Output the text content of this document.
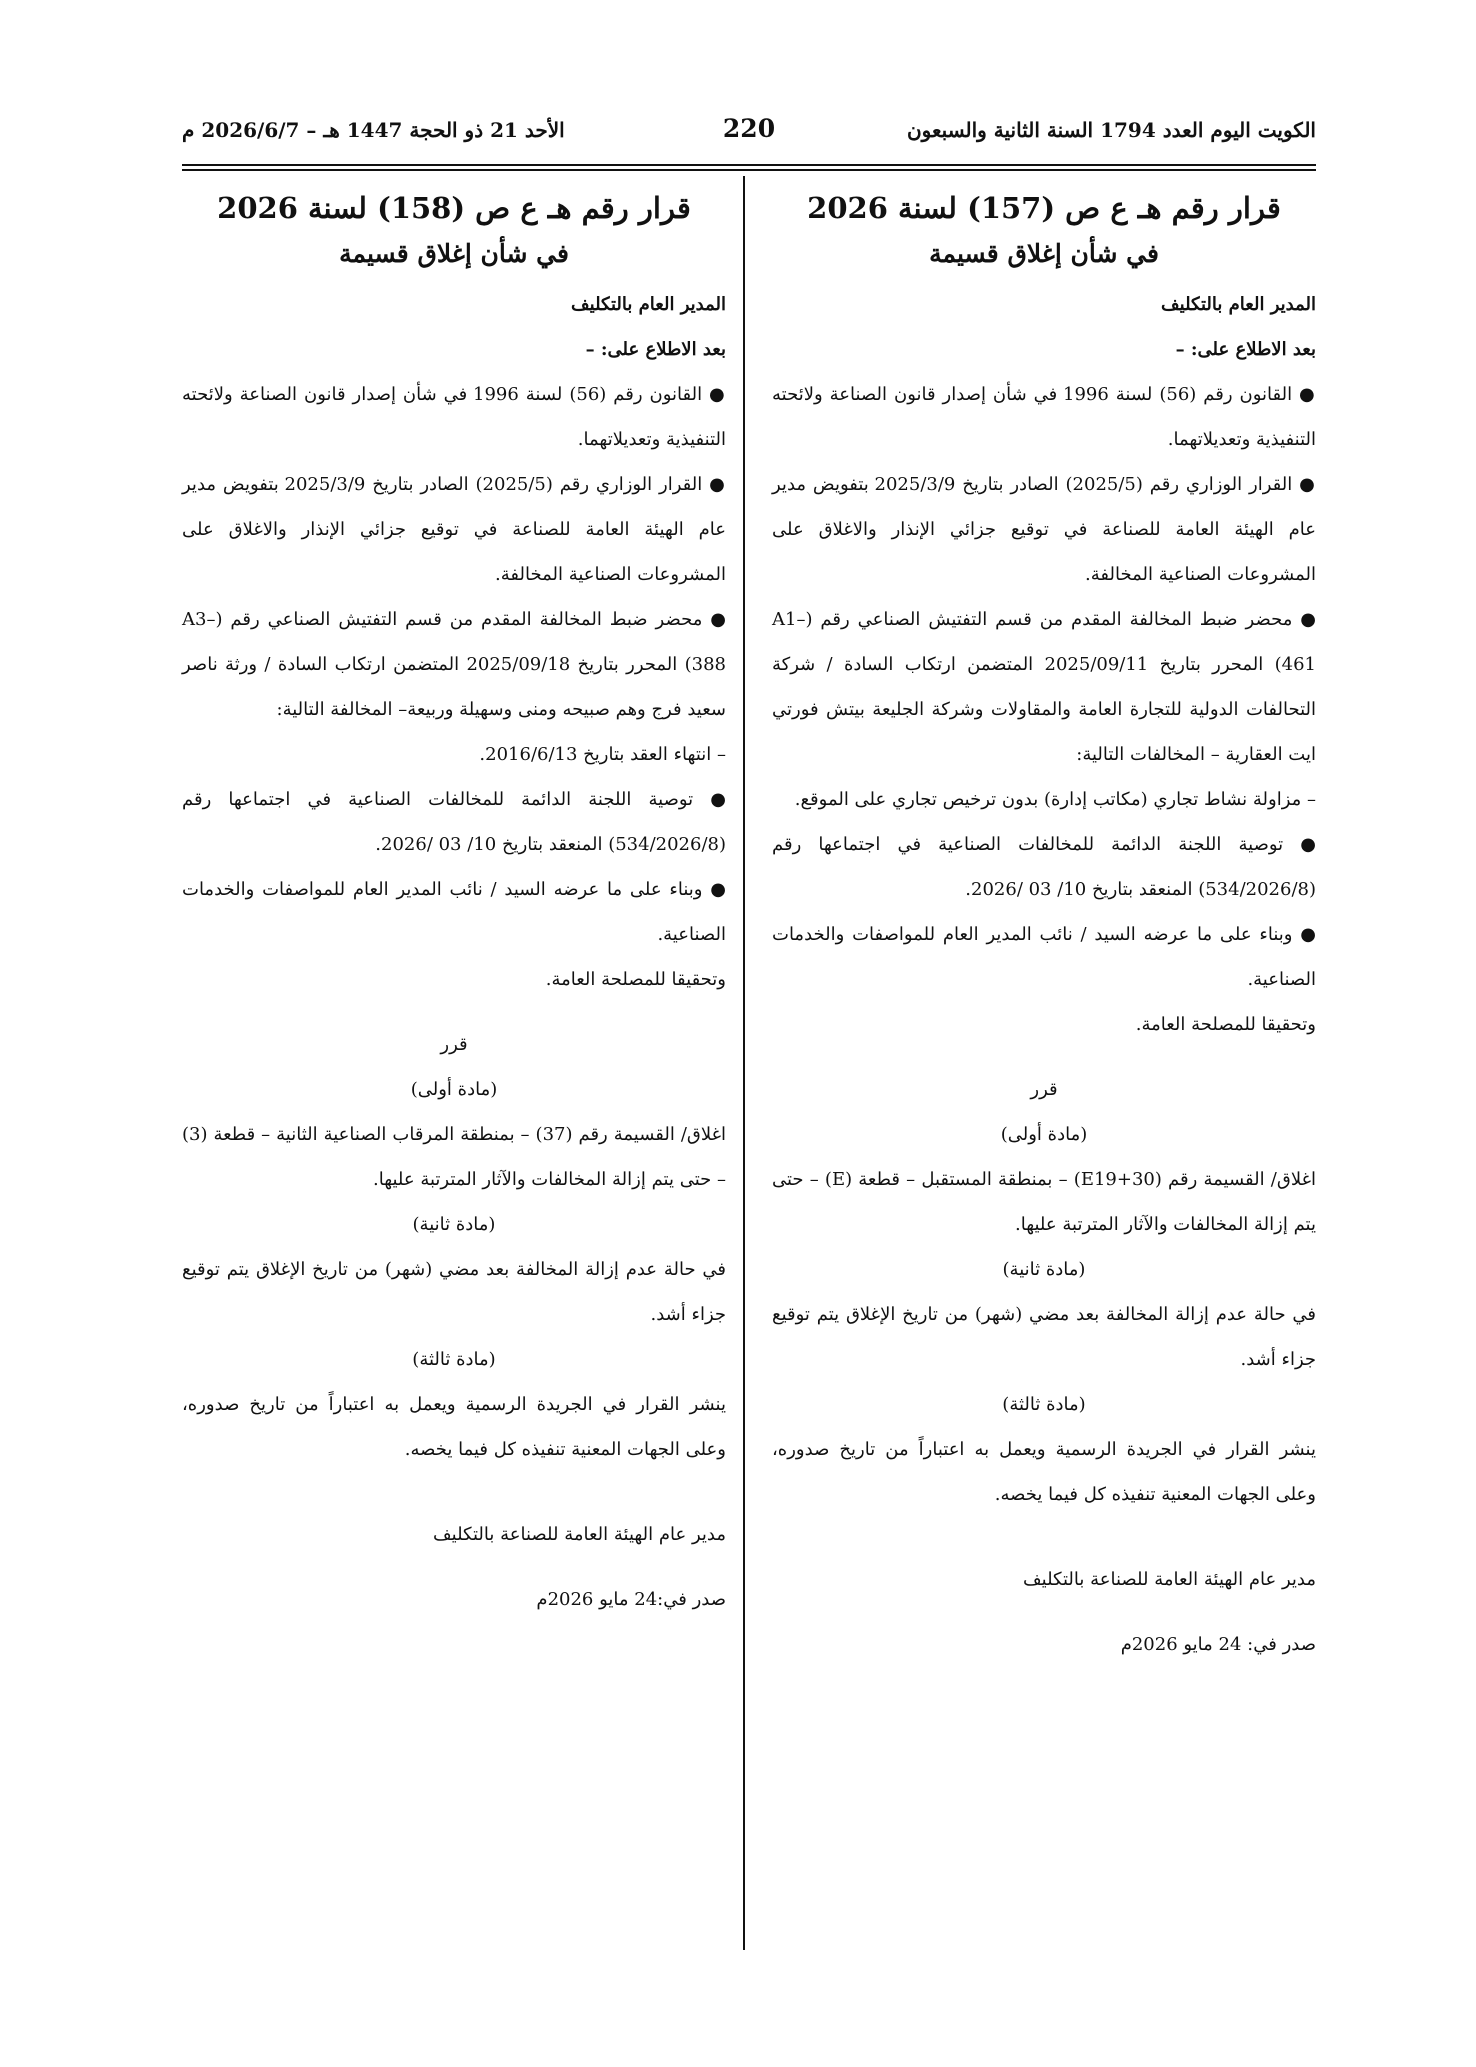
الكويت اليوم العدد 1794 السنة الثانية والسبعون
220
الأحد 21 ذو الحجة 1447 هـ – 2026/6/7 م
قرار رقم هـ ع ص (157) لسنة 2026
في شأن إغلاق قسيمة

المدير العام بالتكليف

بعد الاطلاع على: –

● القانون رقم (56) لسنة 1996 في شأن إصدار قانون الصناعة ولائحته التنفيذية وتعديلاتهما.

● القرار الوزاري رقم (2025/5) الصادر بتاريخ 2025/3/9 بتفويض مدير عام الهيئة العامة للصناعة في توقيع جزائي الإنذار والاغلاق على المشروعات الصناعية المخالفة.

● محضر ضبط المخالفة المقدم من قسم التفتيش الصناعي رقم (A1–461) المحرر بتاريخ 2025/09/11 المتضمن ارتكاب السادة / شركة التحالفات الدولية للتجارة العامة والمقاولات وشركة الجليعة بيتش فورتي ايت العقارية – المخالفات التالية:

– مزاولة نشاط تجاري (مكاتب إدارة) بدون ترخيص تجاري على الموقع.

● توصية اللجنة الدائمة للمخالفات الصناعية في اجتماعها رقم (534/2026/8) المنعقد بتاريخ 10/ 03 /2026.

● وبناء على ما عرضه السيد / نائب المدير العام للمواصفات والخدمات الصناعية.

وتحقيقا للمصلحة العامة.

قرر

(مادة أولى)

اغلاق/ القسيمة رقم (E19+30) – بمنطقة المستقبل – قطعة (E) – حتى يتم إزالة المخالفات والآثار المترتبة عليها.

(مادة ثانية)

في حالة عدم إزالة المخالفة بعد مضي (شهر) من تاريخ الإغلاق يتم توقيع جزاء أشد.

(مادة ثالثة)

ينشر القرار في الجريدة الرسمية ويعمل به اعتباراً من تاريخ صدوره، وعلى الجهات المعنية تنفيذه كل فيما يخصه.

مدير عام الهيئة العامة للصناعة بالتكليف

صدر في: 24 مايو 2026م

قرار رقم هـ ع ص (158) لسنة 2026
في شأن إغلاق قسيمة

المدير العام بالتكليف

بعد الاطلاع على: –

● القانون رقم (56) لسنة 1996 في شأن إصدار قانون الصناعة ولائحته التنفيذية وتعديلاتهما.

● القرار الوزاري رقم (2025/5) الصادر بتاريخ 2025/3/9 بتفويض مدير عام الهيئة العامة للصناعة في توقيع جزائي الإنذار والاغلاق على المشروعات الصناعية المخالفة.

● محضر ضبط المخالفة المقدم من قسم التفتيش الصناعي رقم (A3–388) المحرر بتاريخ 2025/09/18 المتضمن ارتكاب السادة / ورثة ناصر سعيد فرج وهم صبيحه ومنى وسهيلة وربيعة– المخالفة التالية:

– انتهاء العقد بتاريخ 2016/6/13.

● توصية اللجنة الدائمة للمخالفات الصناعية في اجتماعها رقم (534/2026/8) المنعقد بتاريخ 10/ 03 /2026.

● وبناء على ما عرضه السيد / نائب المدير العام للمواصفات والخدمات الصناعية.

وتحقيقا للمصلحة العامة.

قرر

(مادة أولى)

اغلاق/ القسيمة رقم (37) – بمنطقة المرقاب الصناعية الثانية – قطعة (3) – حتى يتم إزالة المخالفات والآثار المترتبة عليها.

(مادة ثانية)

في حالة عدم إزالة المخالفة بعد مضي (شهر) من تاريخ الإغلاق يتم توقيع جزاء أشد.

(مادة ثالثة)

ينشر القرار في الجريدة الرسمية ويعمل به اعتباراً من تاريخ صدوره، وعلى الجهات المعنية تنفيذه كل فيما يخصه.

مدير عام الهيئة العامة للصناعة بالتكليف

صدر في:24 مايو 2026م
